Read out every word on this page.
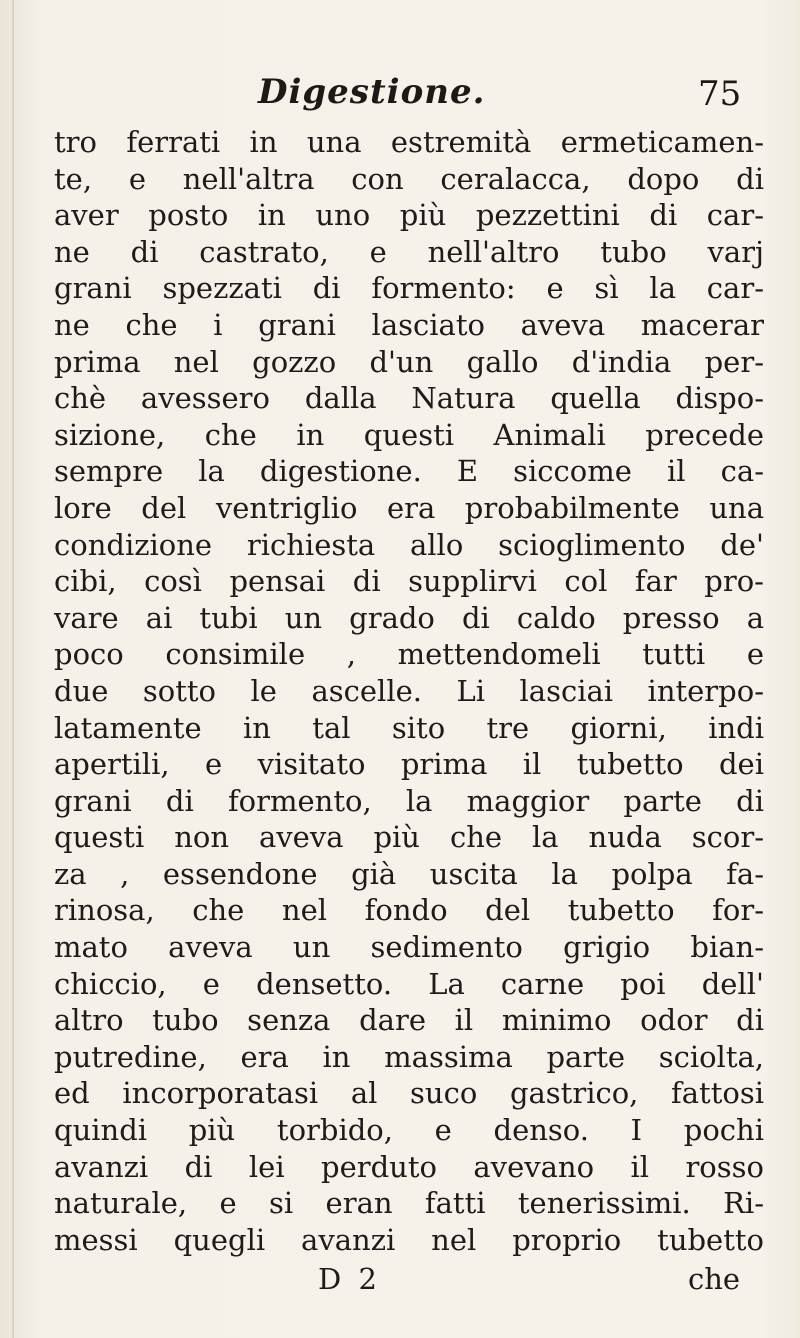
Digestione.	75
tro ferrati in una estremità ermeticamen-
te, e nell'altra con ceralacca, dopo di
aver posto in uno più pezzettini di car-
ne di castrato, e nell'altro tubo varj
grani spezzati di formento: e sì la car-
ne che i grani lasciato aveva macerar
prima nel gozzo d'un gallo d'india per-
chè avessero dalla Natura quella dispo-
sizione, che in questi Animali precede
sempre la digestione. E siccome il ca-
lore del ventriglio era probabilmente una
condizione richiesta allo scioglimento de'
cibi, così pensai di supplirvi col far pro-
vare ai tubi un grado di caldo presso a
poco consimile , mettendomeli tutti e
due sotto le ascelle. Li lasciai interpo-
latamente in tal sito tre giorni, indi
apertili, e visitato prima il tubetto dei
grani di formento, la maggior parte di
questi non aveva più che la nuda scor-
za , essendone già uscita la polpa fa-
rinosa, che nel fondo del tubetto for-
mato aveva un sedimento grigio bian-
chiccio, e densetto. La carne poi dell'
altro tubo senza dare il minimo odor di
putredine, era in massima parte sciolta,
ed incorporatasi al suco gastrico, fattosi
quindi più torbido, e denso. I pochi
avanzi di lei perduto avevano il rosso
naturale, e si eran fatti tenerissimi. Ri-
messi quegli avanzi nel proprio tubetto
D 2	che
